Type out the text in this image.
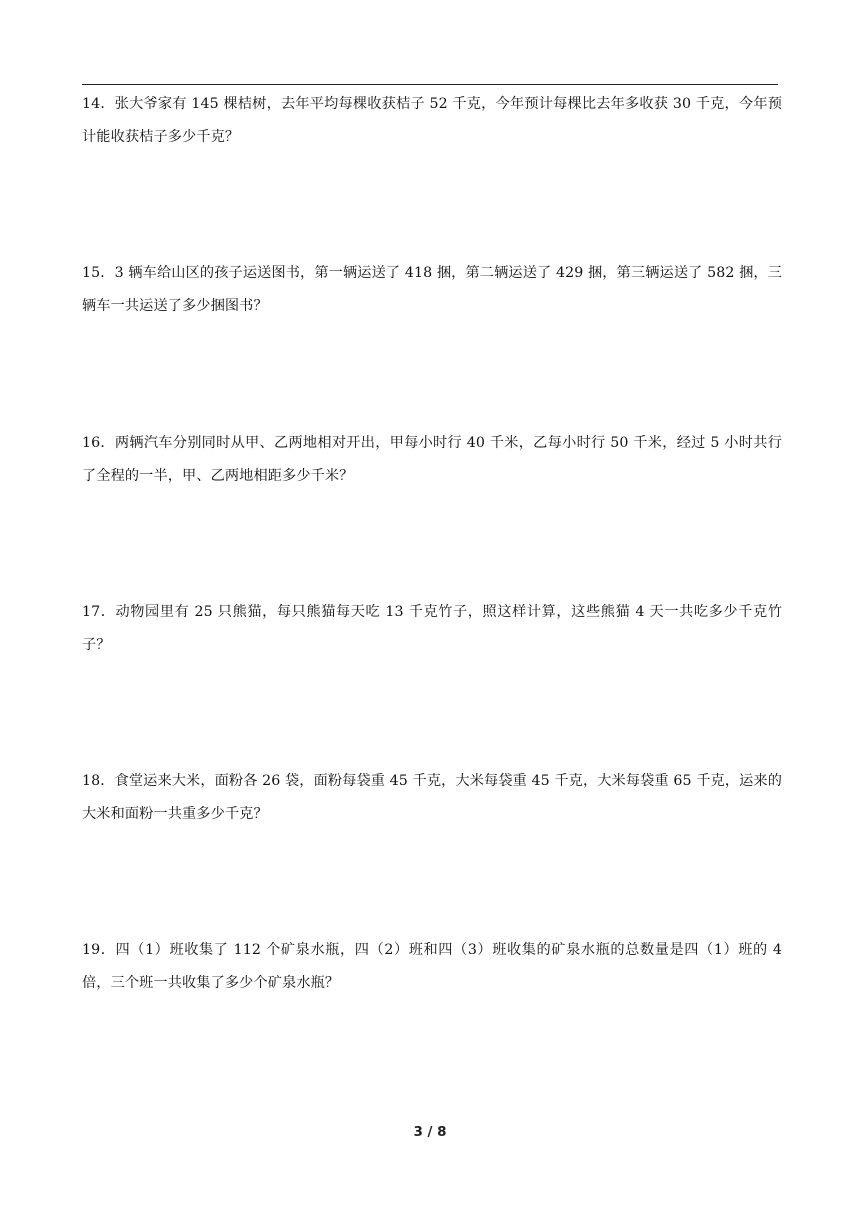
14．张大爷家有 145 棵桔树，去年平均每棵收获桔子 52 千克，今年预计每棵比去年多收获 30 千克，今年预计能收获桔子多少千克？
15．3 辆车给山区的孩子运送图书，第一辆运送了 418 捆，第二辆运送了 429 捆，第三辆运送了 582 捆，三辆车一共运送了多少捆图书？
16．两辆汽车分别同时从甲、乙两地相对开出，甲每小时行 40 千米，乙每小时行 50 千米，经过 5 小时共行了全程的一半，甲、乙两地相距多少千米？
17．动物园里有 25 只熊猫，每只熊猫每天吃 13 千克竹子，照这样计算，这些熊猫 4 天一共吃多少千克竹子？
18．食堂运来大米，面粉各 26 袋，面粉每袋重 45 千克，大米每袋重 45 千克，大米每袋重 65 千克，运来的大米和面粉一共重多少千克？
19．四（1）班收集了 112 个矿泉水瓶，四（2）班和四（3）班收集的矿泉水瓶的总数量是四（1）班的 4 倍，三个班一共收集了多少个矿泉水瓶？
3 / 8
